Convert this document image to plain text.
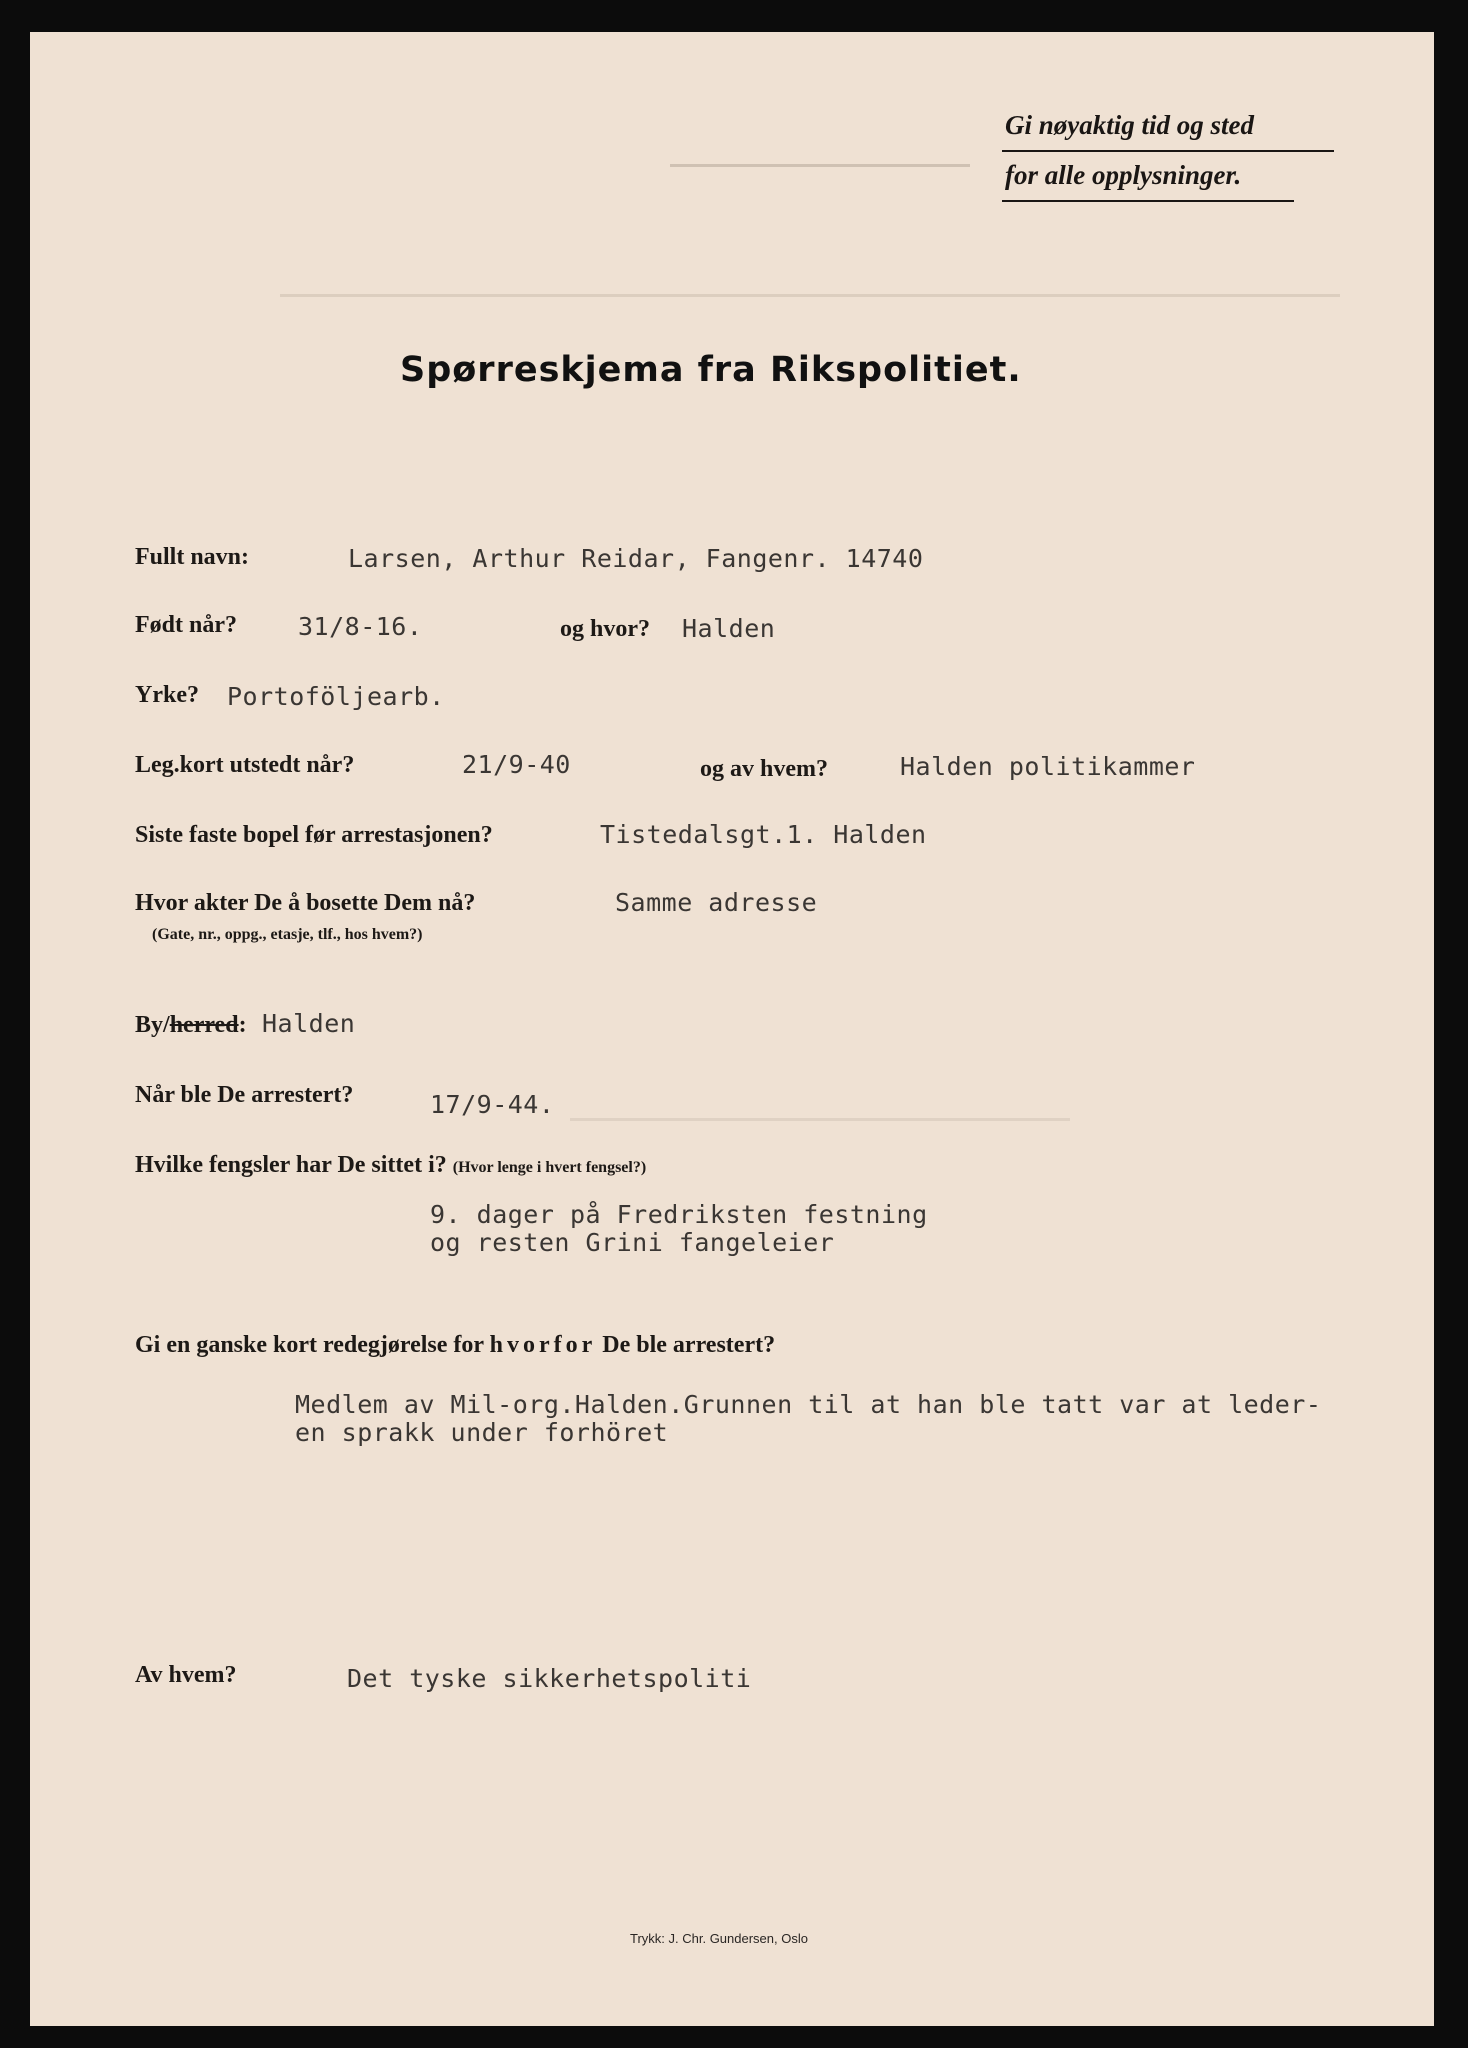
Gi nøyaktig tid og sted
for alle opplysninger.
Spørreskjema fra Rikspolitiet.
Fullt navn:	Larsen, Arthur Reidar, Fangenr. 14740
Født når? 31/8-16.	og hvor? Halden
Yrke? Portoföljearb.
Leg.kort utstedt når?	21/9-40	og av hvem?	Halden politikammer
Siste faste bopel før arrestasjonen?	Tistedalsgt.1. Halden
Hvor akter De å bosette Dem nå?
(Gate, nr., oppg., etasje, tlf., hos hvem?)
Samme adresse
By/herred: Halden
Når ble De arrestert?	17/9-44.
Hvilke fengsler har De sittet i? (Hvor lenge i hvert fengsel?)
9. dager på Fredriksten festning
og resten Grini fangeleier
Gi en ganske kort redegjørelse for hvorfor De ble arrestert?
Medlem av Mil-org.Halden.Grunnen til at han ble tatt var at leder-
en sprakk under forhöret
Av hvem?	Det tyske sikkerhetspoliti
Trykk: J. Chr. Gundersen, Oslo
